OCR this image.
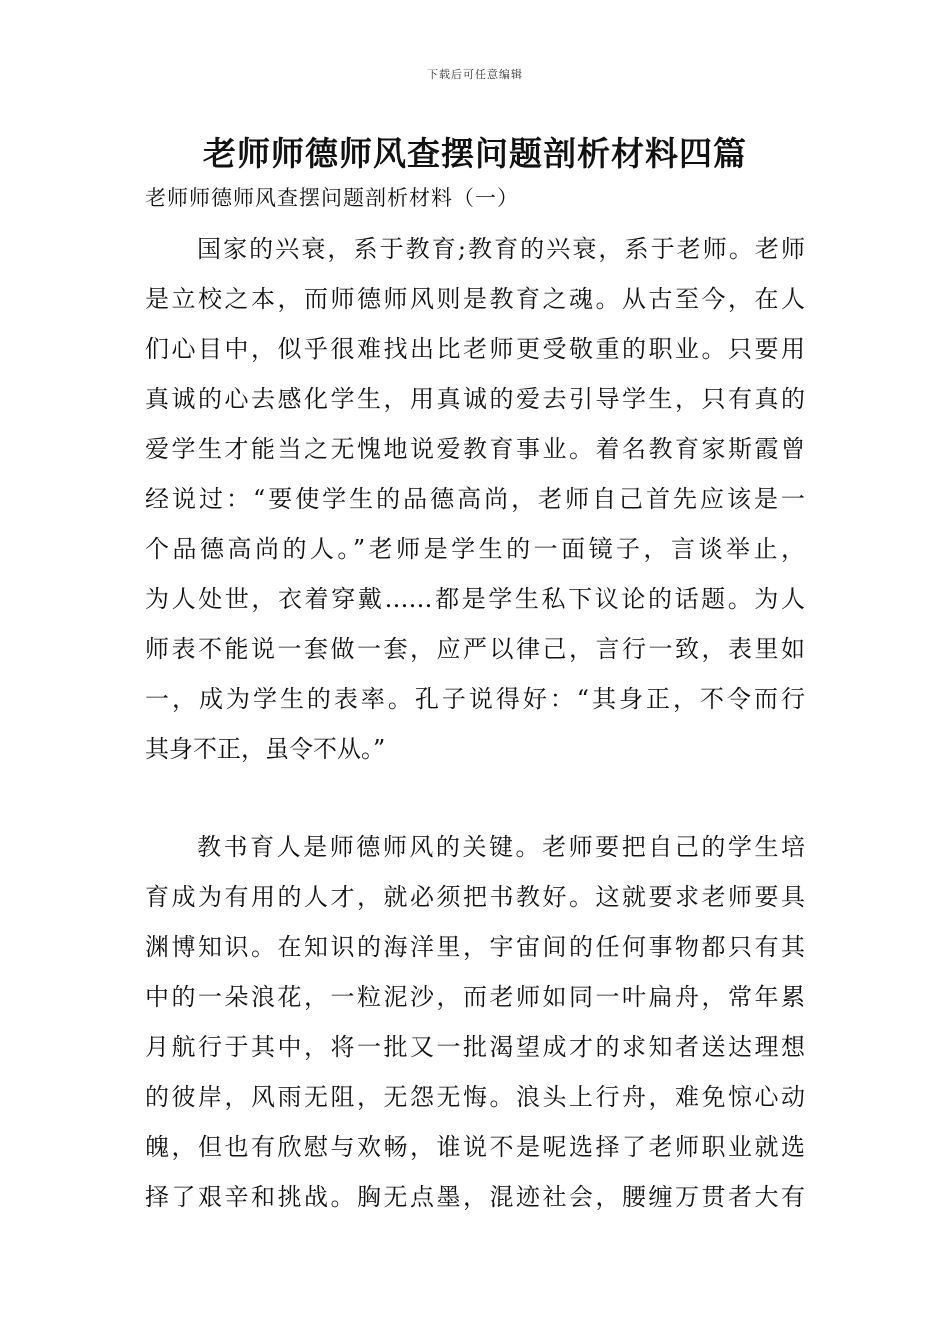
下载后可任意编辑
老师师德师风查摆问题剖析材料四篇
老师师德师风查摆问题剖析材料（一）
国家的兴衰，系于教育;教育的兴衰，系于老师。老师
是立校之本，而师德师风则是教育之魂。从古至今，在人
们心目中，似乎很难找出比老师更受敬重的职业。只要用
真诚的心去感化学生，用真诚的爱去引导学生，只有真的
爱学生才能当之无愧地说爱教育事业。着名教育家斯霞曾
经说过：“要使学生的品德高尚，老师自己首先应该是一
个品德高尚的人。”老师是学生的一面镜子，言谈举止，
为人处世，衣着穿戴……都是学生私下议论的话题。为人
师表不能说一套做一套，应严以律己，言行一致，表里如
一，成为学生的表率。孔子说得好：“其身正，不令而行
其身不正，虽令不从。”
教书育人是师德师风的关键。老师要把自己的学生培
育成为有用的人才，就必须把书教好。这就要求老师要具
渊博知识。在知识的海洋里，宇宙间的任何事物都只有其
中的一朵浪花，一粒泥沙，而老师如同一叶扁舟，常年累
月航行于其中，将一批又一批渴望成才的求知者送达理想
的彼岸，风雨无阻，无怨无悔。浪头上行舟，难免惊心动
魄，但也有欣慰与欢畅，谁说不是呢选择了老师职业就选
择了艰辛和挑战。胸无点墨，混迹社会，腰缠万贯者大有
